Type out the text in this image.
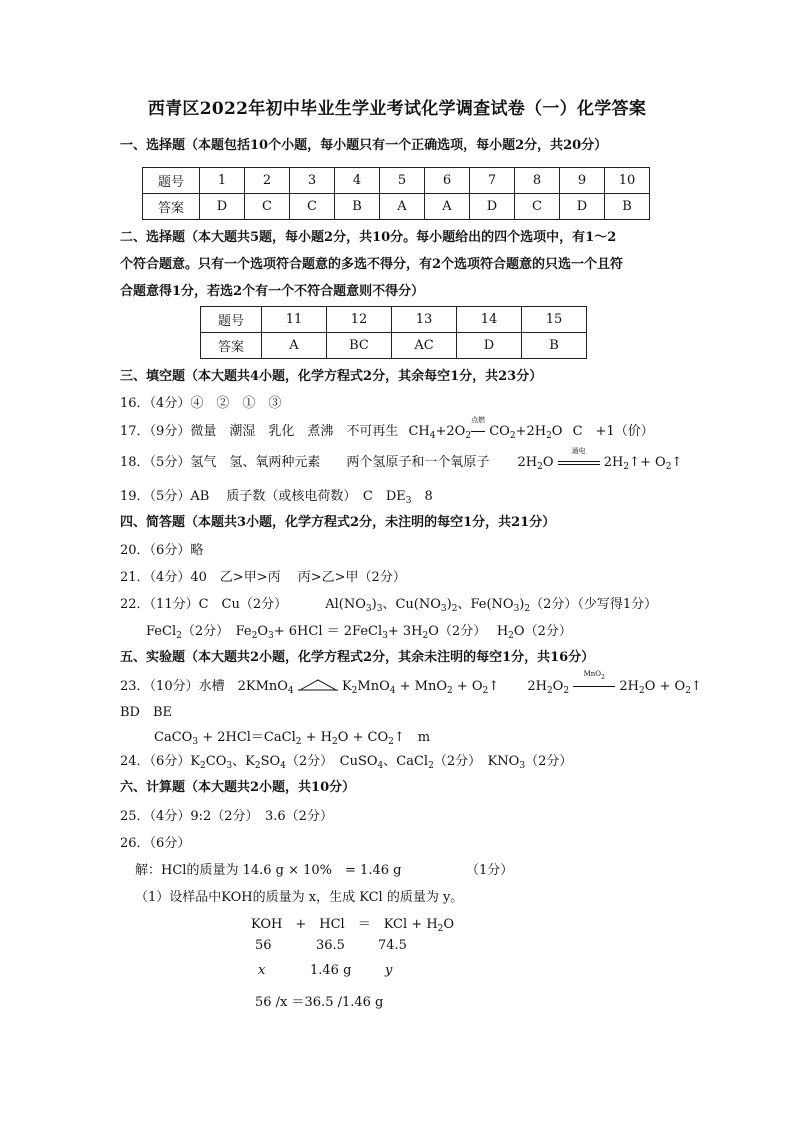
西青区2022年初中毕业生学业考试化学调查试卷（一）化学答案
一、选择题（本题包括10个小题，每小题只有一个正确选项，每小题2分，共20分）
题号	1	2	3	4	5	6	7	8	9	10
答案	D	C	C	B	A	A	D	C	D	B
二、选择题（本大题共5题，每小题2分，共10分。每小题给出的四个选项中，有1～2
个符合题意。只有一个选项符合题意的多选不得分，有2个选项符合题意的只选一个且符
合题意得1分，若选2个有一个不符合题意则不得分）
题号	11	12	13	14	15
答案	A	BC	AC	D	B
三、填空题（本大题共4小题，化学方程式2分，其余每空1分，共23分）
16．（4分）④　②　①　③
17．（9分）微量　潮湿　乳化　煮沸　不可再生 $CH_4+2O_2$
点燃
$CO_2+2H_2O$ C　+1（价）
18．（5分）氢气　氢、氧两种元素　　两个氢原子和一个氧原子 $2H_2O$
通电
$2H_2↑+$ $O_2↑$
19．（5分）AB　 质子数（或核电荷数）　C　$DE_3$　8
四、简答题（本题共3小题，化学方程式2分，未注明的每空1分，共21分）
20．（6分）略
21．（4分）40　乙>甲>丙　 丙>乙>甲（2分）
22．（11分）C　Cu（2分）	$Al(NO_3)_3$、$Cu(NO_3)_2$、$Fe(NO_3)_2(2$分）（少写得1分）
FeCl$_2$（2分）　$Fe_2O_3+ 6HCl$ ＝ 2FeCl$_3$+ $3H_2O(2$分）　 $H_2O(2$分）
五、实验题（本大题共2小题，化学方程式2分，其余未注明的每空1分，共16分）
23．（10分）水槽　2KMnO$_4$	$K_2MnO_4 + MnO_2$ + $O_2↑$ $2H_2O_2$
MnO$_2$
$2H_2O$ + $O_2↑$
BD　BE
CaCO$_3$ + 2HCl＝CaCl$_2$ + $H_2O$ + $CO_2↑$　m
24．（6分）$K_2CO_3$、$K_2SO_4(2$分）　CuSO$_4$、CaCl$_2$（2分）　$KNO_3(2$分）
六、计算题（本大题共2小题，共10分）
25．（4分）9:2（2分）　3.6（2分）
26．（6分）
解：HCl的质量为 14.6 g × 10%　= 1.46 g	（1分）
（1）设样品中KOH的质量为 x，生成 KCl 的质量为 y。
KOH　+　HCl　＝　KCl + $H_2O$
56	36.5	74.5
x	1.46 g	y
56 /x ＝36.5 /1.46 g
